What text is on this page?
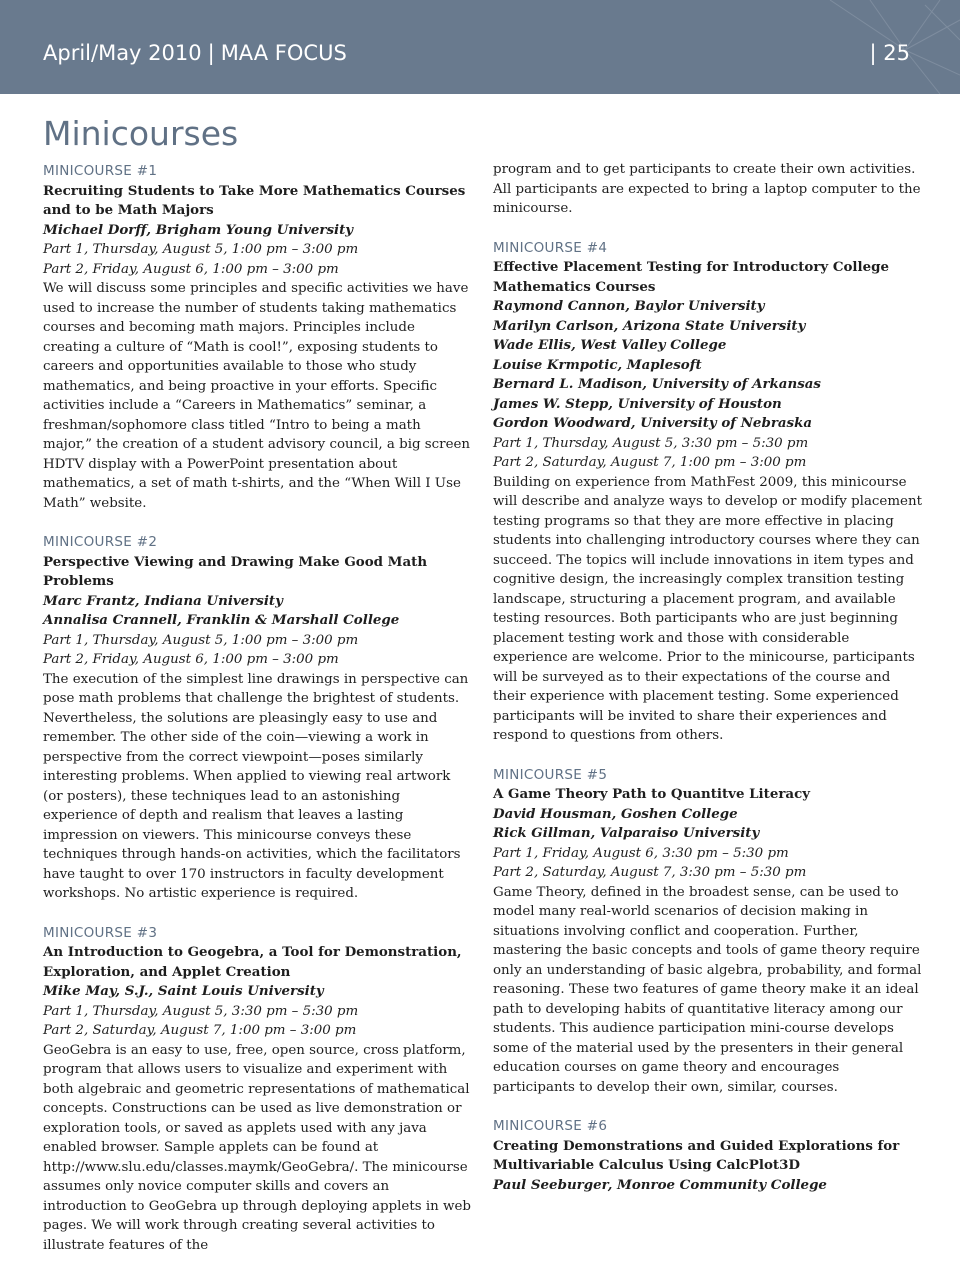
April/May 2010 | MAA FOCUS	| 25
Minicourses
MINICOURSE #1
Recruiting Students to Take More Mathematics Courses and to be Math Majors
Michael Dorff, Brigham Young University
Part 1, Thursday, August 5, 1:00 pm – 3:00 pm
Part 2, Friday, August 6, 1:00 pm – 3:00 pm

We will discuss some principles and specific activities we have used to increase the number of students taking mathematics courses and becoming math majors. Principles include creating a culture of “Math is cool!”, exposing students to careers and opportunities available to those who study mathematics, and being proactive in your efforts. Specific activities include a “Careers in Mathematics” seminar, a freshman/sophomore class titled “Intro to being a math major,” the creation of a student advisory council, a big screen HDTV display with a PowerPoint presentation about mathematics, a set of math t-shirts, and the “When Will I Use Math” website.

MINICOURSE #2
Perspective Viewing and Drawing Make Good Math Problems
Marc Frantz, Indiana University
Annalisa Crannell, Franklin & Marshall College
Part 1, Thursday, August 5, 1:00 pm – 3:00 pm
Part 2, Friday, August 6, 1:00 pm – 3:00 pm

The execution of the simplest line drawings in perspective can pose math problems that challenge the brightest of students. Nevertheless, the solutions are pleasingly easy to use and remember. The other side of the coin—viewing a work in perspective from the correct viewpoint—poses similarly interesting problems. When applied to viewing real artwork (or posters), these techniques lead to an astonishing experience of depth and realism that leaves a lasting impression on viewers. This minicourse conveys these techniques through hands-on activities, which the facilitators have taught to over 170 instructors in faculty development workshops. No artistic experience is required.

MINICOURSE #3
An Introduction to Geogebra, a Tool for Demonstration, Exploration, and Applet Creation
Mike May, S.J., Saint Louis University
Part 1, Thursday, August 5, 3:30 pm – 5:30 pm
Part 2, Saturday, August 7, 1:00 pm – 3:00 pm

GeoGebra is an easy to use, free, open source, cross platform, program that allows users to visualize and experiment with both algebraic and geometric representations of mathematical concepts. Constructions can be used as live demonstration or exploration tools, or saved as applets used with any java enabled browser. Sample applets can be found at http://www.slu.edu/classes.maymk/GeoGebra/. The minicourse assumes only novice computer skills and covers an introduction to GeoGebra up through deploying applets in web pages. We will work through creating several activities to illustrate features of the

program and to get participants to create their own activities. All participants are expected to bring a laptop computer to the minicourse.

MINICOURSE #4
Effective Placement Testing for Introductory College Mathematics Courses
Raymond Cannon, Baylor University
Marilyn Carlson, Arizona State University
Wade Ellis, West Valley College
Louise Krmpotic, Maplesoft
Bernard L. Madison, University of Arkansas
James W. Stepp, University of Houston
Gordon Woodward, University of Nebraska
Part 1, Thursday, August 5, 3:30 pm – 5:30 pm
Part 2, Saturday, August 7, 1:00 pm – 3:00 pm

Building on experience from MathFest 2009, this minicourse will describe and analyze ways to develop or modify placement testing programs so that they are more effective in placing students into challenging introductory courses where they can succeed. The topics will include innovations in item types and cognitive design, the increasingly complex transition testing landscape, structuring a placement program, and available testing resources. Both participants who are just beginning placement testing work and those with considerable experience are welcome. Prior to the minicourse, participants will be surveyed as to their expectations of the course and their experience with placement testing. Some experienced participants will be invited to share their experiences and respond to questions from others.

MINICOURSE #5
A Game Theory Path to Quantitve Literacy
David Housman, Goshen College
Rick Gillman, Valparaiso University
Part 1, Friday, August 6, 3:30 pm – 5:30 pm
Part 2, Saturday, August 7, 3:30 pm – 5:30 pm

Game Theory, defined in the broadest sense, can be used to model many real-world scenarios of decision making in situations involving conflict and cooperation. Further, mastering the basic concepts and tools of game theory require only an understanding of basic algebra, probability, and formal reasoning. These two features of game theory make it an ideal path to developing habits of quantitative literacy among our students. This audience participation mini-course develops some of the material used by the presenters in their general education courses on game theory and encourages participants to develop their own, similar, courses.

MINICOURSE #6
Creating Demonstrations and Guided Explorations for Multivariable Calculus Using CalcPlot3D
Paul Seeburger, Monroe Community College
